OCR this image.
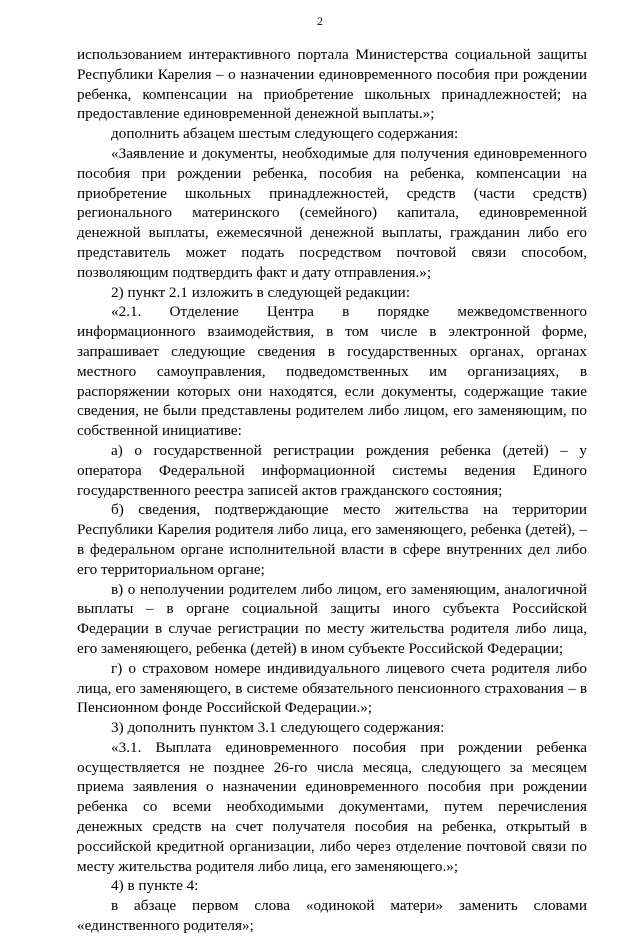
2

использованием интерактивного портала Министерства социальной защиты Республики Карелия – о назначении единовременного пособия при рождении ребенка, компенсации на приобретение школьных принадлежностей; на предоставление единовременной денежной выплаты.»;

дополнить абзацем шестым следующего содержания:

«Заявление и документы, необходимые для получения единовременного пособия при рождении ребенка, пособия на ребенка, компенсации на приобретение школьных принадлежностей, средств (части средств) регионального материнского (семейного) капитала, единовременной денежной выплаты, ежемесячной денежной выплаты, гражданин либо его представитель может подать посредством почтовой связи способом, позволяющим подтвердить факт и дату отправления.»;

2) пункт 2.1 изложить в следующей редакции:

«2.1. Отделение Центра в порядке межведомственного информационного взаимодействия, в том числе в электронной форме, запрашивает следующие сведения в государственных органах, органах местного самоуправления, подведомственных им организациях, в распоряжении которых они находятся, если документы, содержащие такие сведения, не были представлены родителем либо лицом, его заменяющим, по собственной инициативе:

а) о государственной регистрации рождения ребенка (детей) – у оператора Федеральной информационной системы ведения Единого государственного реестра записей актов гражданского состояния;

б) сведения, подтверждающие место жительства на территории Республики Карелия родителя либо лица, его заменяющего, ребенка (детей), – в федеральном органе исполнительной власти в сфере внутренних дел либо его территориальном органе;

в) о неполучении родителем либо лицом, его заменяющим, аналогичной выплаты – в органе социальной защиты иного субъекта Российской Федерации в случае регистрации по месту жительства родителя либо лица, его заменяющего, ребенка (детей) в ином субъекте Российской Федерации;

г) о страховом номере индивидуального лицевого счета родителя либо лица, его заменяющего, в системе обязательного пенсионного страхования – в Пенсионном фонде Российской Федерации.»;

3) дополнить пунктом 3.1 следующего содержания:

«3.1. Выплата единовременного пособия при рождении ребенка осуществляется не позднее 26-го числа месяца, следующего за месяцем приема заявления о назначении единовременного пособия при рождении ребенка со всеми необходимыми документами, путем перечисления денежных средств на счет получателя пособия на ребенка, открытый в российской кредитной организации, либо через отделение почтовой связи по месту жительства родителя либо лица, его заменяющего.»;

4) в пункте 4:

в абзаце первом слова «одинокой матери» заменить словами «единственного родителя»;
